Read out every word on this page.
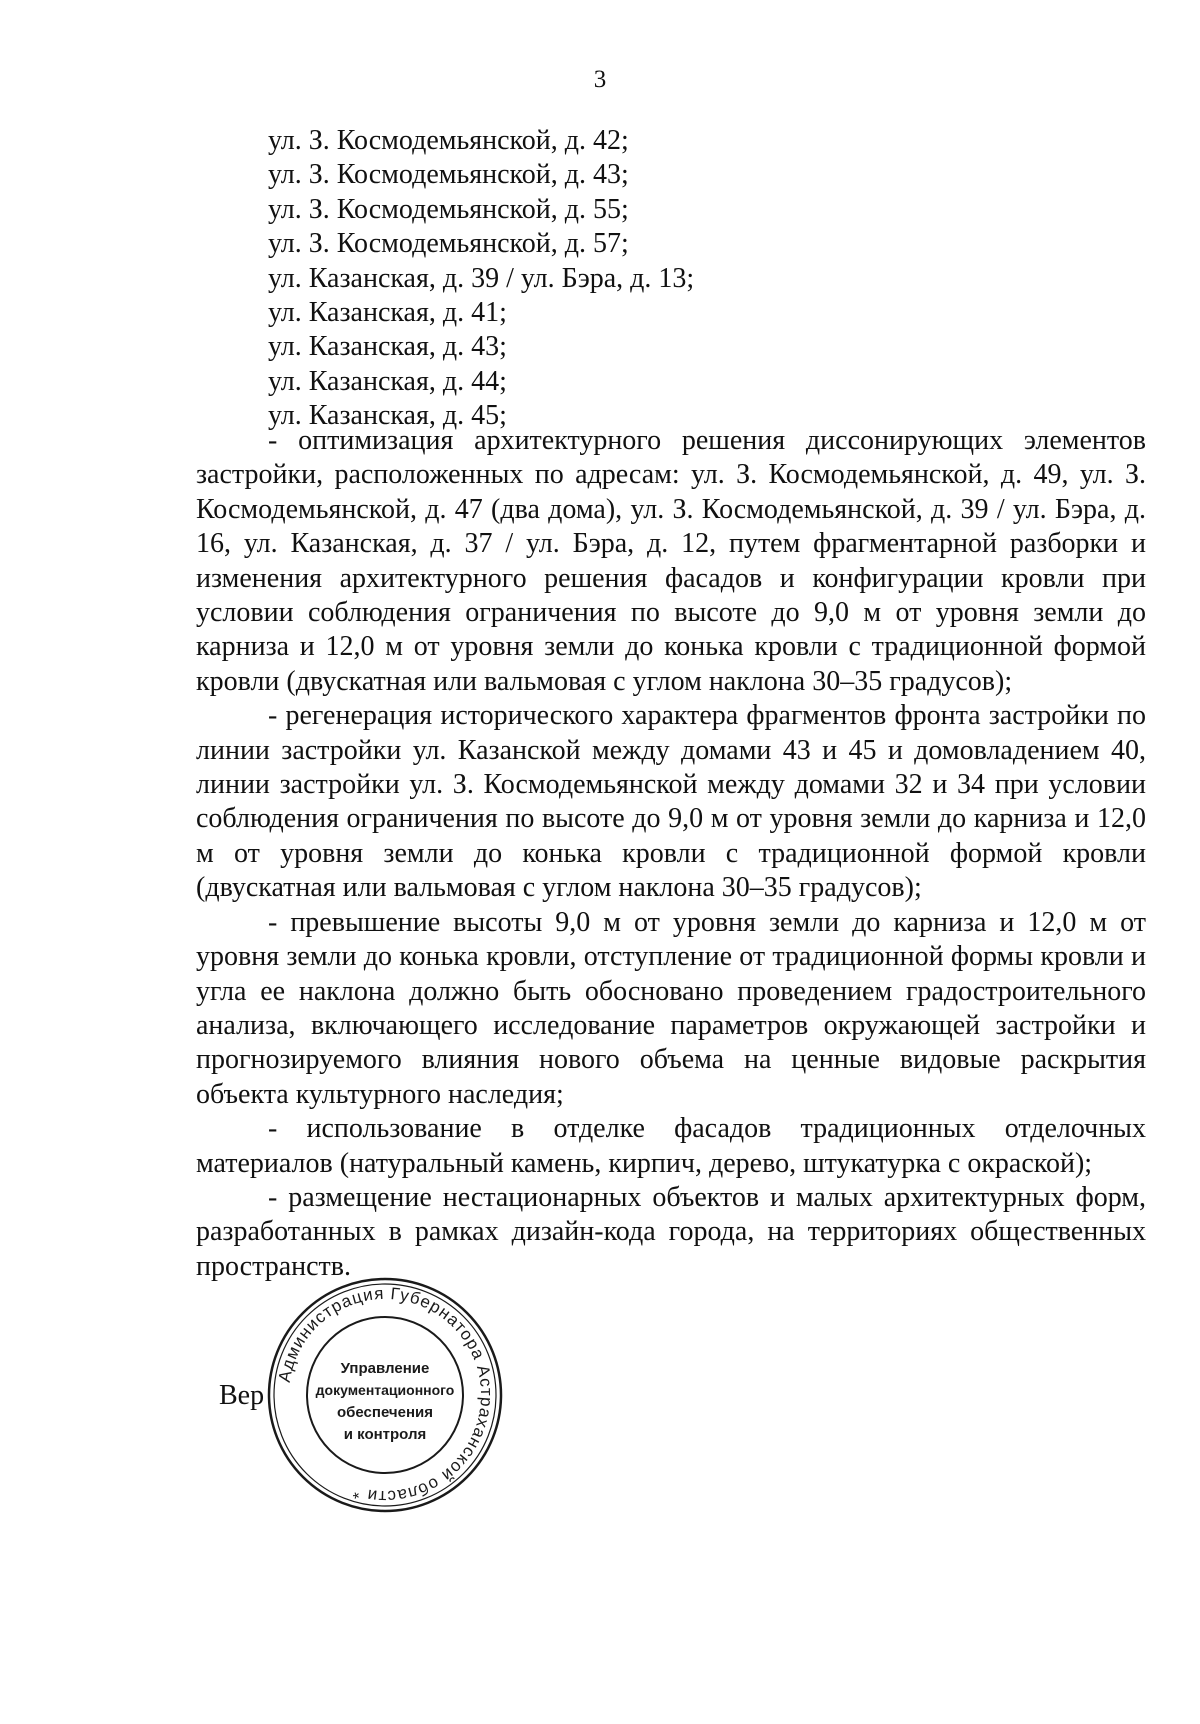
3
ул. З. Космодемьянской, д. 42;
ул. З. Космодемьянской, д. 43;
ул. З. Космодемьянской, д. 55;
ул. З. Космодемьянской, д. 57;
ул. Казанская, д. 39 / ул. Бэра, д. 13;
ул. Казанская, д. 41;
ул. Казанская, д. 43;
ул. Казанская, д. 44;
ул. Казанская, д. 45;

- оптимизация архитектурного решения диссонирующих элементов застройки, расположенных по адресам: ул. З. Космодемьянской, д. 49, ул. З. Космодемьянской, д. 47 (два дома), ул. З. Космодемьянской, д. 39 / ул. Бэра, д. 16, ул. Казанская, д. 37 / ул. Бэра, д. 12, путем фрагментарной разборки и изменения архитектурного решения фасадов и конфигурации кровли при условии соблюдения ограничения по высоте до 9,0 м от уровня земли до карниза и 12,0 м от уровня земли до конька кровли с традиционной формой кровли (двускатная или вальмовая с углом наклона 30–35 градусов);

- регенерация исторического характера фрагментов фронта застройки по линии застройки ул. Казанской между домами 43 и 45 и домовладением 40, линии застройки ул. З. Космодемьянской между домами 32 и 34 при условии соблюдения ограничения по высоте до 9,0 м от уровня земли до карниза и 12,0 м от уровня земли до конька кровли с традиционной формой кровли (двускатная или вальмовая с углом наклона 30–35 градусов);

- превышение высоты 9,0 м от уровня земли до карниза и 12,0 м от уровня земли до конька кровли, отступление от традиционной формы кровли и угла ее наклона должно быть обосновано проведением градостроительного анализа, включающего исследование параметров окружающей застройки и прогнозируемого влияния нового объема на ценные видовые раскрытия объекта культурного наследия;

- использование в отделке фасадов традиционных отделочных материалов (натуральный камень, кирпич, дерево, штукатурка с окраской);

- размещение нестационарных объектов и малых архитектурных форм, разработанных в рамках дизайн-кода города, на территориях общественных пространств.

Вер
Администрация Губернатора Астраханской области *
Управление
документационного
обеспечения
и контроля
